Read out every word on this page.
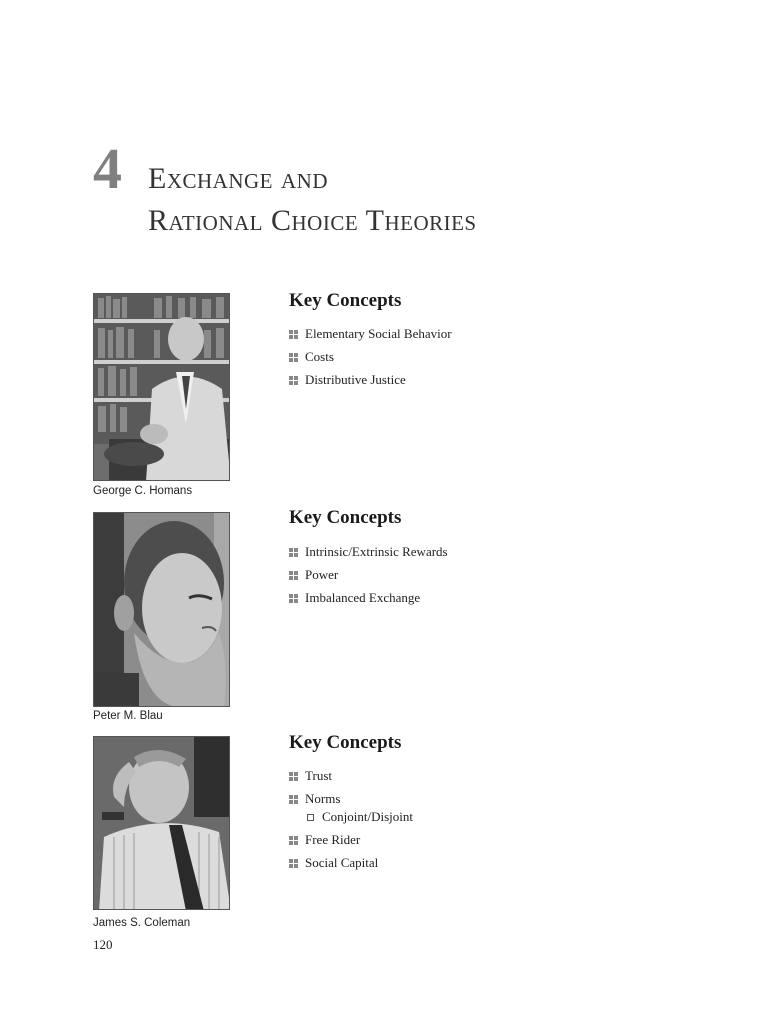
4 Exchange and
Rational Choice Theories
George C. Homans
Key Concepts
Elementary Social Behavior
Costs
Distributive Justice
Peter M. Blau
Key Concepts
Intrinsic/Extrinsic Rewards
Power
Imbalanced Exchange
James S. Coleman
Key Concepts
Trust
Norms
Conjoint/Disjoint
Free Rider
Social Capital
120
